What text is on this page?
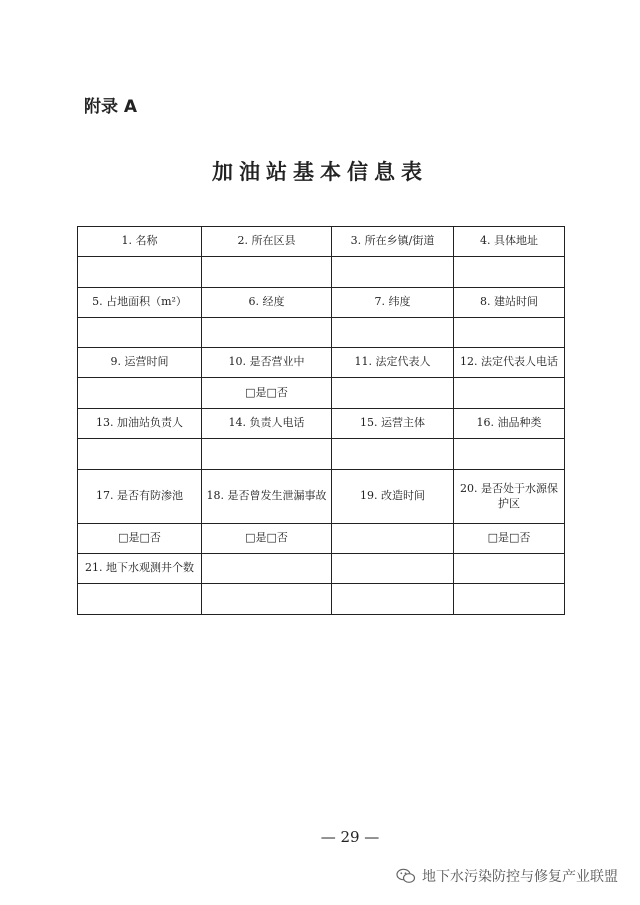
附录 A
加油站基本信息表
1. 名称	2. 所在区县	3. 所在乡镇/街道	4. 具体地址

5. 占地面积（m²）	6. 经度	7. 纬度	8. 建站时间

9. 运营时间	10. 是否营业中	11. 法定代表人	12. 法定代表人电话
	□是□否		
13. 加油站负责人	14. 负责人电话	15. 运营主体	16. 油品种类

17. 是否有防渗池	18. 是否曾发生泄漏事故	19. 改造时间	20. 是否处于水源保护区
□是□否	□是□否		□是□否
21. 地下水观测井个数			

— 29 —
地下水污染防控与修复产业联盟
